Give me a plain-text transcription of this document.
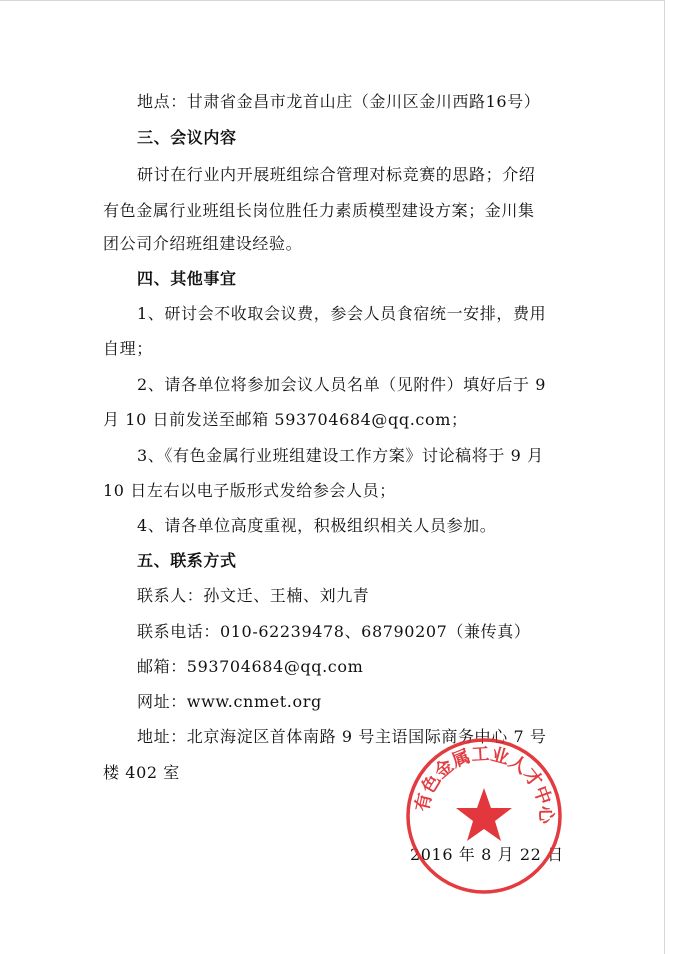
地点：甘肃省金昌市龙首山庄（金川区金川西路16号）
三、会议内容
研讨在行业内开展班组综合管理对标竞赛的思路；介绍
有色金属行业班组长岗位胜任力素质模型建设方案；金川集
团公司介绍班组建设经验。
四、其他事宜
1、研讨会不收取会议费，参会人员食宿统一安排，费用
自理；
2、请各单位将参加会议人员名单（见附件）填好后于 9
月 10 日前发送至邮箱 593704684@qq.com；
3、《有色金属行业班组建设工作方案》讨论稿将于 9 月
10 日左右以电子版形式发给参会人员；
4、请各单位高度重视，积极组织相关人员参加。
五、联系方式
联系人：孙文迁、王楠、刘九青
联系电话：010-62239478、68790207（兼传真）
邮箱：593704684@qq.com
网址：www.cnmet.org
地址：北京海淀区首体南路 9 号主语国际商务中心 7 号
楼 402 室
2016 年 8 月 22 日
有色金属工业人才中心
